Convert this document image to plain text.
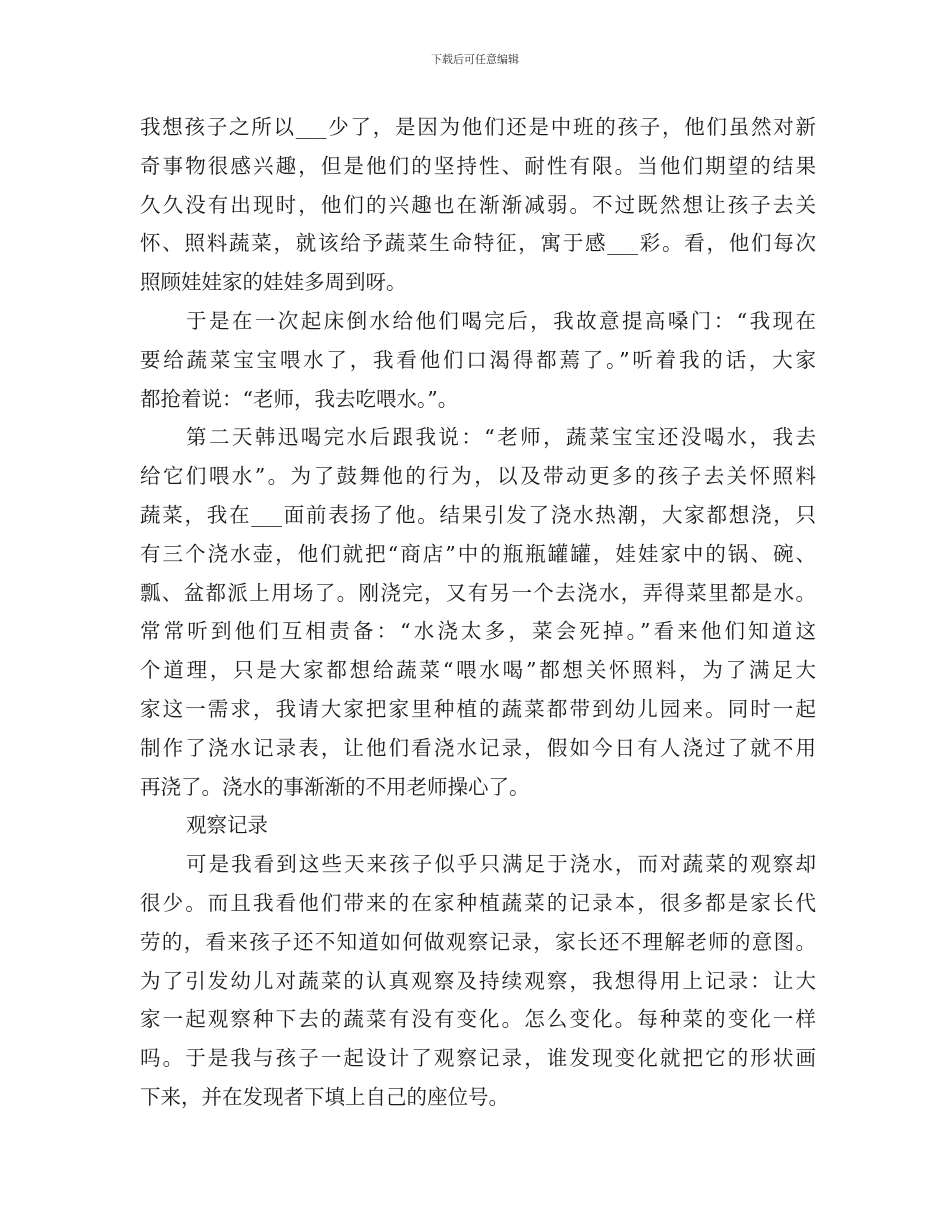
下载后可任意编辑
我想孩子之所以___少了，是因为他们还是中班的孩子，他们虽然对新
奇事物很感兴趣，但是他们的坚持性、耐性有限。当他们期望的结果
久久没有出现时，他们的兴趣也在渐渐减弱。不过既然想让孩子去关
怀、照料蔬菜，就该给予蔬菜生命特征，寓于感___彩。看，他们每次
照顾娃娃家的娃娃多周到呀。
于是在一次起床倒水给他们喝完后，我故意提高嗓门：“我现在
要给蔬菜宝宝喂水了，我看他们口渴得都蔫了。”听着我的话，大家
都抢着说：“老师，我去吃喂水。”。
第二天韩迅喝完水后跟我说：“老师，蔬菜宝宝还没喝水，我去
给它们喂水”。为了鼓舞他的行为，以及带动更多的孩子去关怀照料
蔬菜，我在___面前表扬了他。结果引发了浇水热潮，大家都想浇，只
有三个浇水壶，他们就把“商店”中的瓶瓶罐罐，娃娃家中的锅、碗、
瓢、盆都派上用场了。刚浇完，又有另一个去浇水，弄得菜里都是水。
常常听到他们互相责备：“水浇太多，菜会死掉。”看来他们知道这
个道理，只是大家都想给蔬菜“喂水喝”都想关怀照料，为了满足大
家这一需求，我请大家把家里种植的蔬菜都带到幼儿园来。同时一起
制作了浇水记录表，让他们看浇水记录，假如今日有人浇过了就不用
再浇了。浇水的事渐渐的不用老师操心了。
观察记录
可是我看到这些天来孩子似乎只满足于浇水，而对蔬菜的观察却
很少。而且我看他们带来的在家种植蔬菜的记录本，很多都是家长代
劳的，看来孩子还不知道如何做观察记录，家长还不理解老师的意图。
为了引发幼儿对蔬菜的认真观察及持续观察，我想得用上记录：让大
家一起观察种下去的蔬菜有没有变化。怎么变化。每种菜的变化一样
吗。于是我与孩子一起设计了观察记录，谁发现变化就把它的形状画
下来，并在发现者下填上自己的座位号。
